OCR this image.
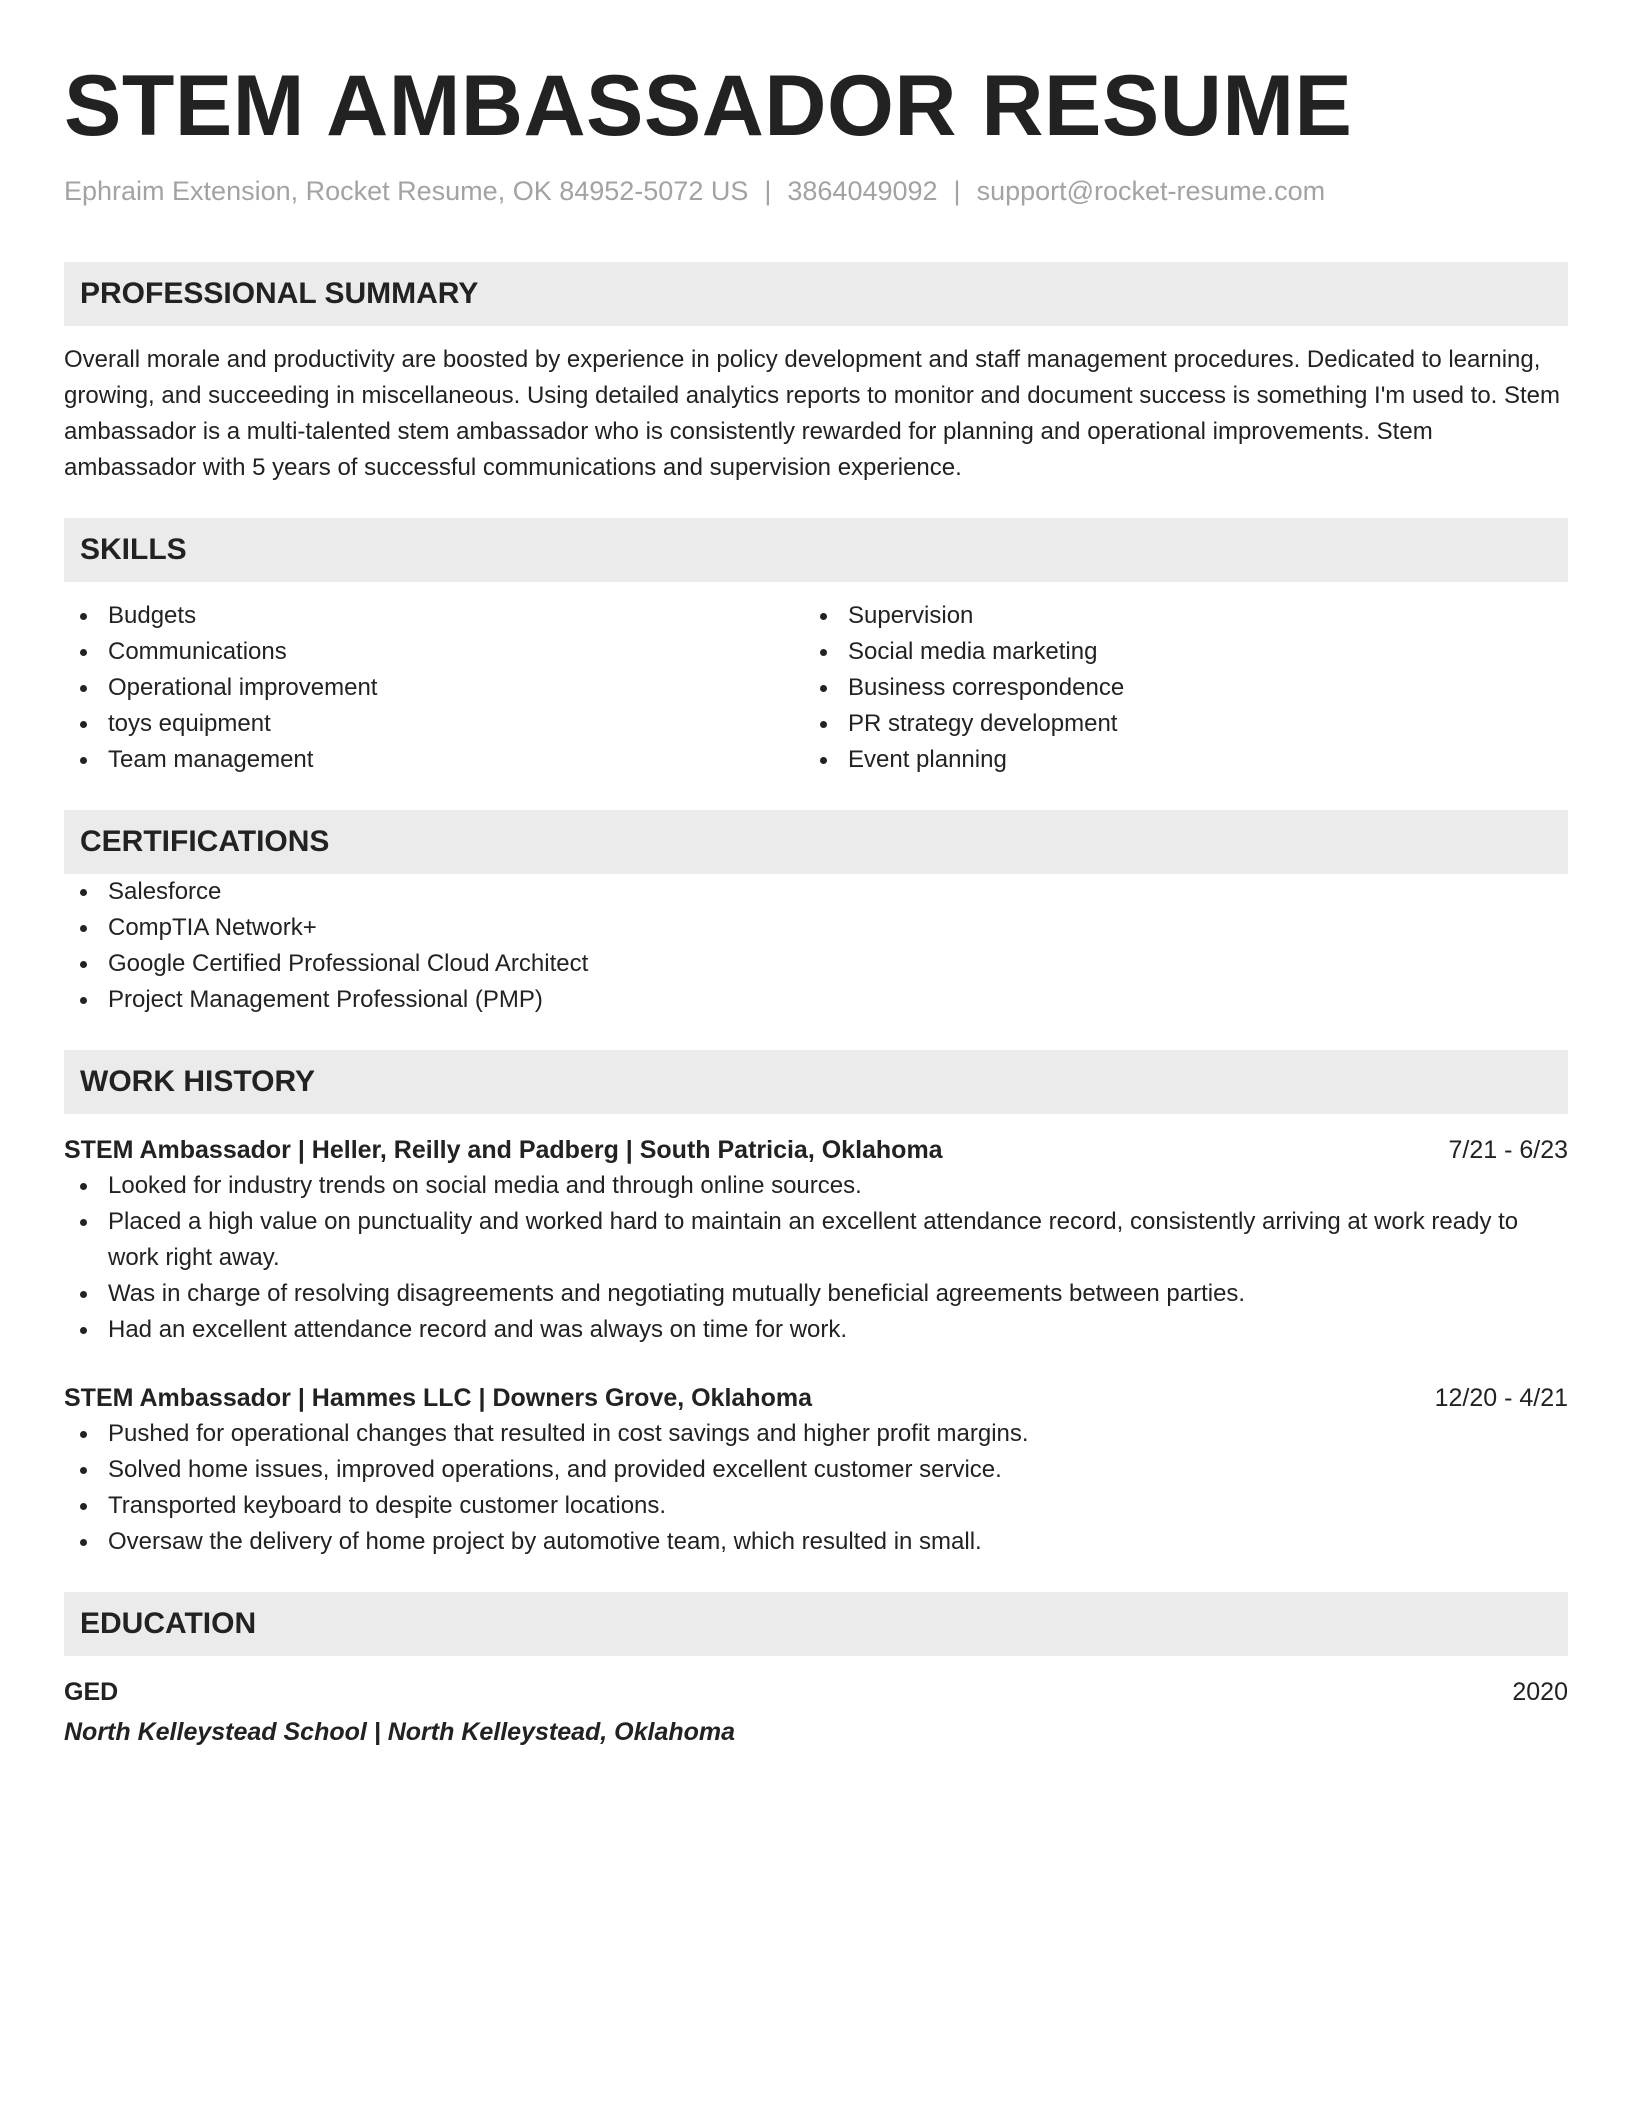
STEM AMBASSADOR RESUME
Ephraim Extension, Rocket Resume, OK 84952-5072 US | 3864049092 | support@rocket-resume.com
PROFESSIONAL SUMMARY
Overall morale and productivity are boosted by experience in policy development and staff management procedures. Dedicated to learning, growing, and succeeding in miscellaneous. Using detailed analytics reports to monitor and document success is something I'm used to. Stem ambassador is a multi-talented stem ambassador who is consistently rewarded for planning and operational improvements. Stem ambassador with 5 years of successful communications and supervision experience.
SKILLS
Budgets
Communications
Operational improvement
toys equipment
Team management
Supervision
Social media marketing
Business correspondence
PR strategy development
Event planning
CERTIFICATIONS
Salesforce
CompTIA Network+
Google Certified Professional Cloud Architect
Project Management Professional (PMP)
WORK HISTORY
STEM Ambassador | Heller, Reilly and Padberg | South Patricia, Oklahoma	7/21 - 6/23
Looked for industry trends on social media and through online sources.
Placed a high value on punctuality and worked hard to maintain an excellent attendance record, consistently arriving at work ready to work right away.
Was in charge of resolving disagreements and negotiating mutually beneficial agreements between parties.
Had an excellent attendance record and was always on time for work.
STEM Ambassador | Hammes LLC | Downers Grove, Oklahoma	12/20 - 4/21
Pushed for operational changes that resulted in cost savings and higher profit margins.
Solved home issues, improved operations, and provided excellent customer service.
Transported keyboard to despite customer locations.
Oversaw the delivery of home project by automotive team, which resulted in small.
EDUCATION
GED	2020
North Kelleystead School | North Kelleystead, Oklahoma
